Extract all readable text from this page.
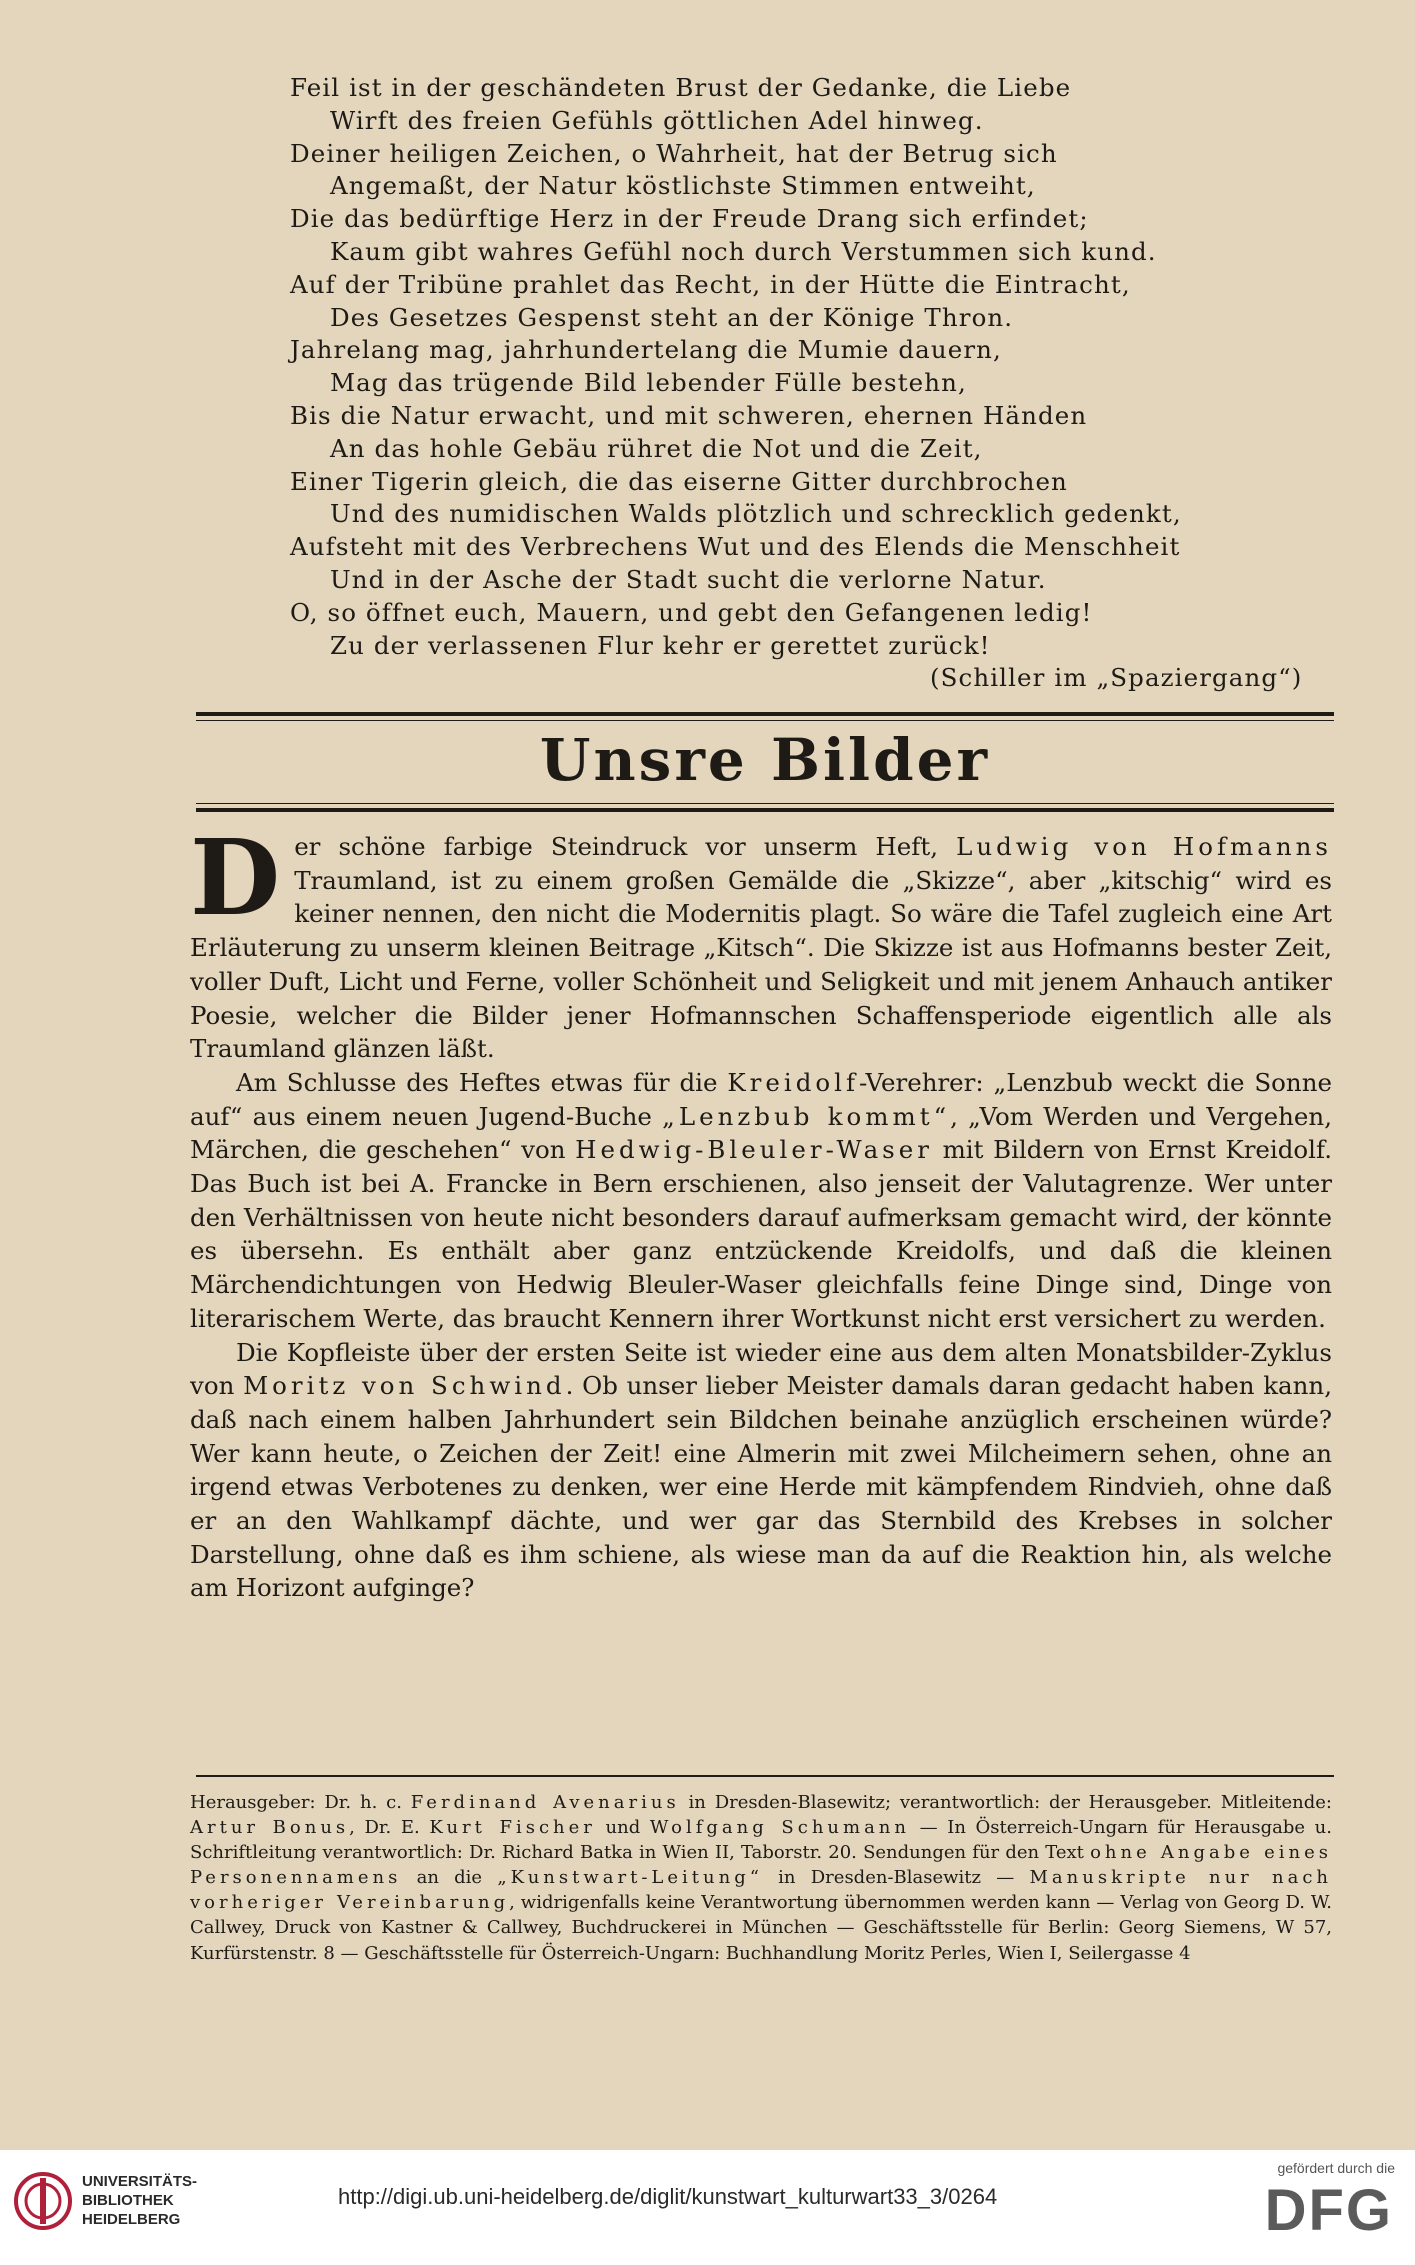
Feil ist in der geschändeten Brust der Gedanke, die Liebe
Wirft des freien Gefühls göttlichen Adel hinweg.
Deiner heiligen Zeichen, o Wahrheit, hat der Betrug sich
Angemaßt, der Natur köstlichste Stimmen entweiht,
Die das bedürftige Herz in der Freude Drang sich erfindet;
Kaum gibt wahres Gefühl noch durch Verstummen sich kund.
Auf der Tribüne prahlet das Recht, in der Hütte die Eintracht,
Des Gesetzes Gespenst steht an der Könige Thron.
Jahrelang mag, jahrhundertelang die Mumie dauern,
Mag das trügende Bild lebender Fülle bestehn,
Bis die Natur erwacht, und mit schweren, ehernen Händen
An das hohle Gebäu rühret die Not und die Zeit,
Einer Tigerin gleich, die das eiserne Gitter durchbrochen
Und des numidischen Walds plötzlich und schrecklich gedenkt,
Aufsteht mit des Verbrechens Wut und des Elends die Menschheit
Und in der Asche der Stadt sucht die verlorne Natur.
O, so öffnet euch, Mauern, und gebt den Gefangenen ledig!
Zu der verlassenen Flur kehr er gerettet zurück!
(Schiller im „Spaziergang“)
Unsre Bilder

Der schöne farbige Steindruck vor unserm Heft, Ludwig von Hofmanns Traumland, ist zu einem großen Gemälde die „Skizze“, aber „kitschig“ wird es keiner nennen, den nicht die Modernitis plagt. So wäre die Tafel zugleich eine Art Erläuterung zu unserm kleinen Beitrage „Kitsch“. Die Skizze ist aus Hofmanns bester Zeit, voller Duft, Licht und Ferne, voller Schönheit und Seligkeit und mit jenem Anhauch antiker Poesie, welcher die Bilder jener Hofmannschen Schaffensperiode eigentlich alle als Traumland glänzen läßt.

Am Schlusse des Heftes etwas für die Kreidolf-Verehrer: „Lenzbub weckt die Sonne auf“ aus einem neuen Jugend-Buche „Lenzbub kommt“, „Vom Werden und Vergehen, Märchen, die geschehen“ von Hedwig-Bleuler-Waser mit Bildern von Ernst Kreidolf. Das Buch ist bei A. Francke in Bern erschienen, also jenseit der Valutagrenze. Wer unter den Verhältnissen von heute nicht besonders darauf aufmerksam gemacht wird, der könnte es übersehn. Es enthält aber ganz entzückende Kreidolfs, und daß die kleinen Märchendichtungen von Hedwig Bleuler-Waser gleichfalls feine Dinge sind, Dinge von literarischem Werte, das braucht Kennern ihrer Wortkunst nicht erst versichert zu werden.

Die Kopfleiste über der ersten Seite ist wieder eine aus dem alten Monatsbilder-Zyklus von Moritz von Schwind. Ob unser lieber Meister damals daran gedacht haben kann, daß nach einem halben Jahrhundert sein Bildchen beinahe anzüglich erscheinen würde? Wer kann heute, o Zeichen der Zeit! eine Almerin mit zwei Milcheimern sehen, ohne an irgend etwas Verbotenes zu denken, wer eine Herde mit kämpfendem Rindvieh, ohne daß er an den Wahlkampf dächte, und wer gar das Sternbild des Krebses in solcher Darstellung, ohne daß es ihm schiene, als wiese man da auf die Reaktion hin, als welche am Horizont aufginge?

Herausgeber: Dr. h. c. Ferdinand Avenarius in Dresden-Blasewitz; verantwortlich: der Herausgeber. Mitleitende: Artur Bonus, Dr. E. Kurt Fischer und Wolfgang Schumann — In Österreich-Ungarn für Herausgabe u. Schriftleitung verantwortlich: Dr. Richard Batka in Wien II, Taborstr. 20. Sendungen für den Text ohne Angabe eines Personennamens an die „Kunstwart-Leitung“ in Dresden-Blasewitz — Manuskripte nur nach vorheriger Vereinbarung, widrigenfalls keine Verantwortung übernommen werden kann — Verlag von Georg D. W. Callwey, Druck von Kastner & Callwey, Buchdruckerei in München — Geschäftsstelle für Berlin: Georg Siemens, W 57, Kurfürstenstr. 8 — Geschäftsstelle für Österreich-Ungarn: Buchhandlung Moritz Perles, Wien I, Seilergasse 4
UNIVERSITÄTS-
BIBLIOTHEK
HEIDELBERG
http://digi.ub.uni-heidelberg.de/diglit/kunstwart_kulturwart33_3/0264
gefördert durch die
DFG
